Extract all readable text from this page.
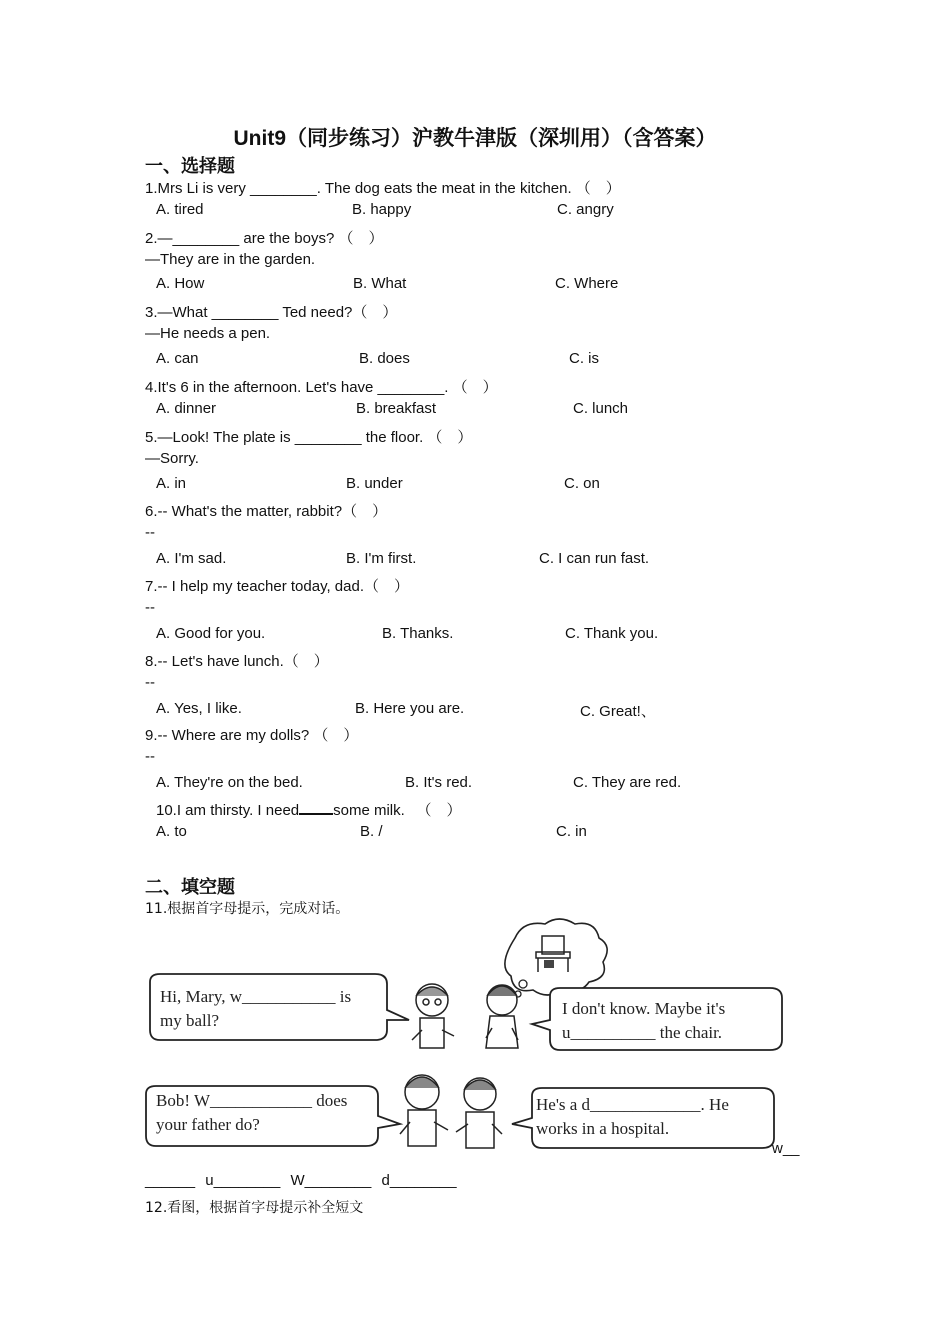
Unit9（同步练习）沪教牛津版（深圳用）（含答案）
一、选择题
1.Mrs Li is very ________. The dog eats the meat in the kitchen. （　）
A. tired	B. happy	C. angry
2.—________ are the boys? （　）
—They are in the garden.
A. How	B. What	C. Where
3.—What ________ Ted need?（　）
—He needs a pen.
A. can	B. does	C. is
4.It's 6 in the afternoon. Let's have ________. （　）
A. dinner	B. breakfast	C. lunch
5.—Look! The plate is ________ the floor. （　）
—Sorry.
A. in	B. under	C. on
6.-- What's the matter, rabbit?（　）
--
A. I'm sad.	B. I'm first.	C. I can run fast.
7.-- I help my teacher today, dad.（　）
--
A. Good for you.	B. Thanks.	C. Thank you.
8.-- Let's have lunch.（　）
--
A. Yes, I like.	B. Here you are.	C. Great!、
9.-- Where are my dolls? （　）
--
A. They're on the bed.	B. It's red.	C. They are red.
10.I am thirsty. I need some milk. 　（　）
A. to	B. /	C. in
二、填空题
11.根据首字母提示，完成对话。
Hi, Mary, w___________ is
my ball?
I don't know. Maybe it's
u__________ the chair.
Bob! W____________ does
your father do?
He's a d_____________. He
works in a hospital.
w__
______ u________ W________ d________
12.看图，根据首字母提示补全短文
